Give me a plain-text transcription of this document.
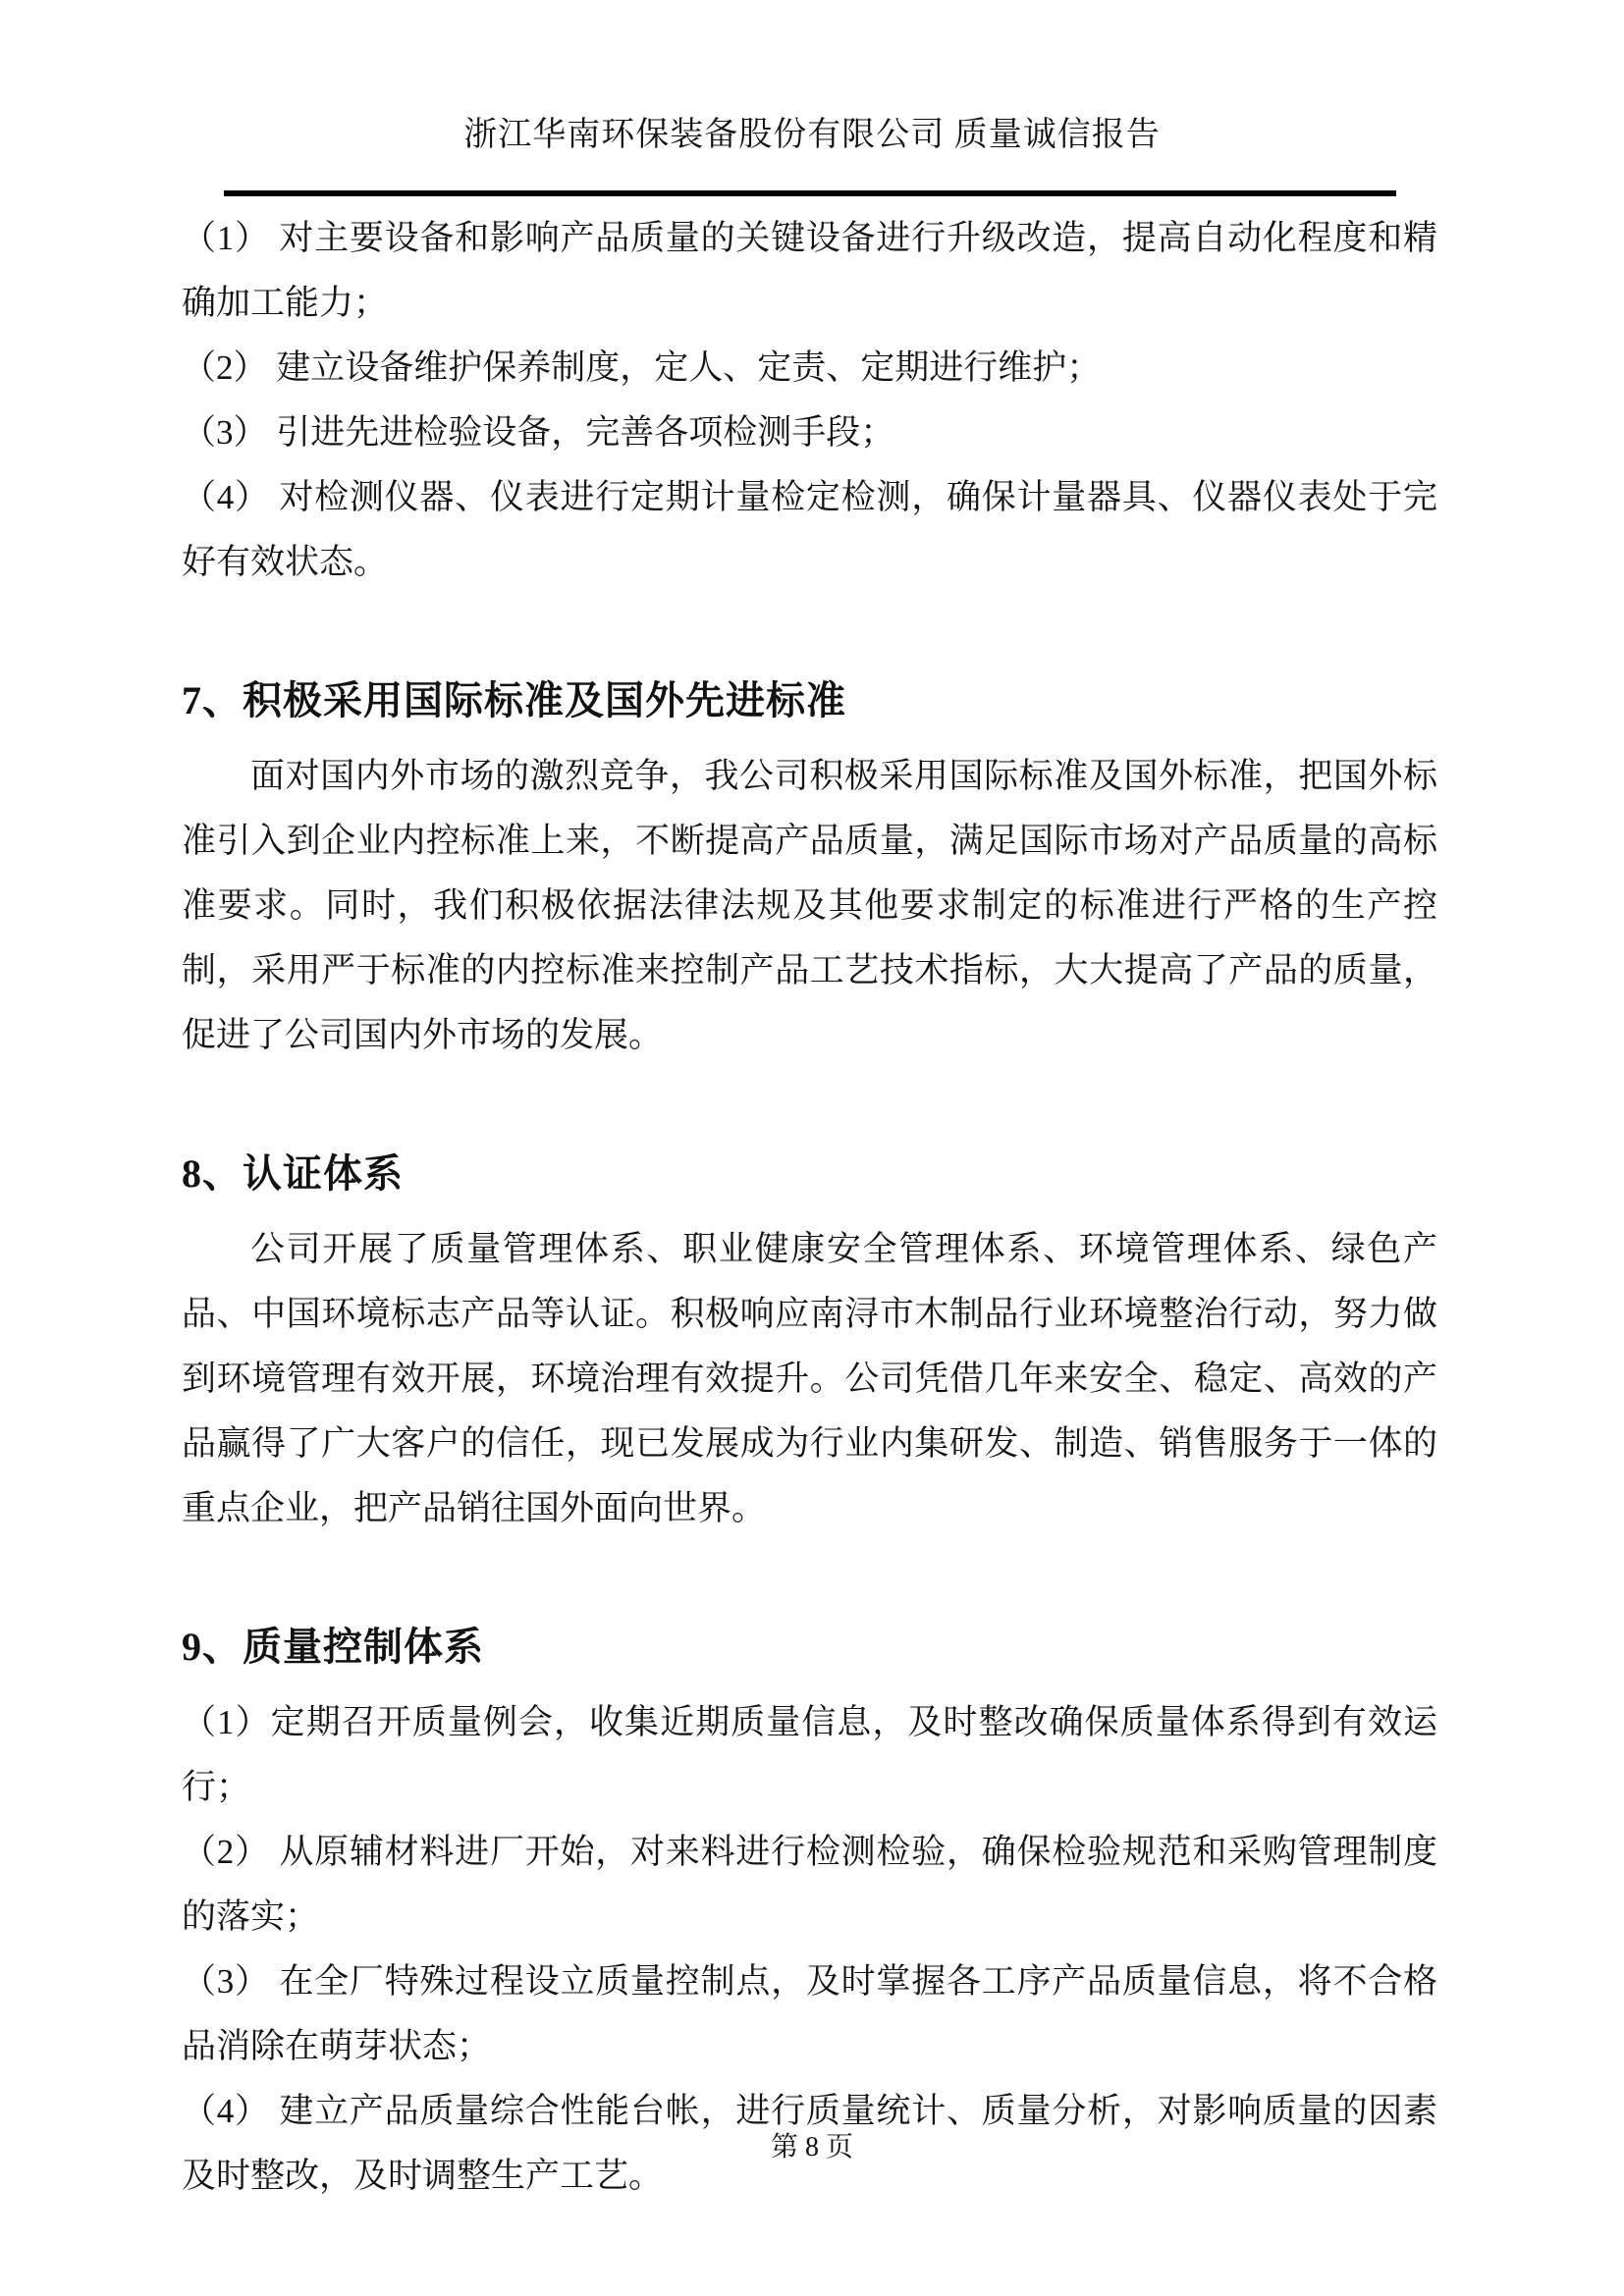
浙江华南环保装备股份有限公司 质量诚信报告

（1） 对主要设备和影响产品质量的关键设备进行升级改造，提高自动化程度和精确加工能力；

（2） 建立设备维护保养制度，定人、定责、定期进行维护；

（3） 引进先进检验设备，完善各项检测手段；

（4） 对检测仪器、仪表进行定期计量检定检测，确保计量器具、仪器仪表处于完好有效状态。

7、积极采用国际标准及国外先进标准

面对国内外市场的激烈竞争，我公司积极采用国际标准及国外标准，把国外标准引入到企业内控标准上来，不断提高产品质量，满足国际市场对产品质量的高标准要求。同时，我们积极依据法律法规及其他要求制定的标准进行严格的生产控制，采用严于标准的内控标准来控制产品工艺技术指标，大大提高了产品的质量，促进了公司国内外市场的发展。

8、认证体系

公司开展了质量管理体系、职业健康安全管理体系、环境管理体系、绿色产品、中国环境标志产品等认证。积极响应南浔市木制品行业环境整治行动，努力做到环境管理有效开展，环境治理有效提升。公司凭借几年来安全、稳定、高效的产品赢得了广大客户的信任，现已发展成为行业内集研发、制造、销售服务于一体的重点企业，把产品销往国外面向世界。

9、质量控制体系

（1）定期召开质量例会，收集近期质量信息，及时整改确保质量体系得到有效运行；

（2） 从原辅材料进厂开始，对来料进行检测检验，确保检验规范和采购管理制度的落实；

（3） 在全厂特殊过程设立质量控制点，及时掌握各工序产品质量信息，将不合格品消除在萌芽状态；

（4） 建立产品质量综合性能台帐，进行质量统计、质量分析，对影响质量的因素及时整改，及时调整生产工艺。

第 8 页
